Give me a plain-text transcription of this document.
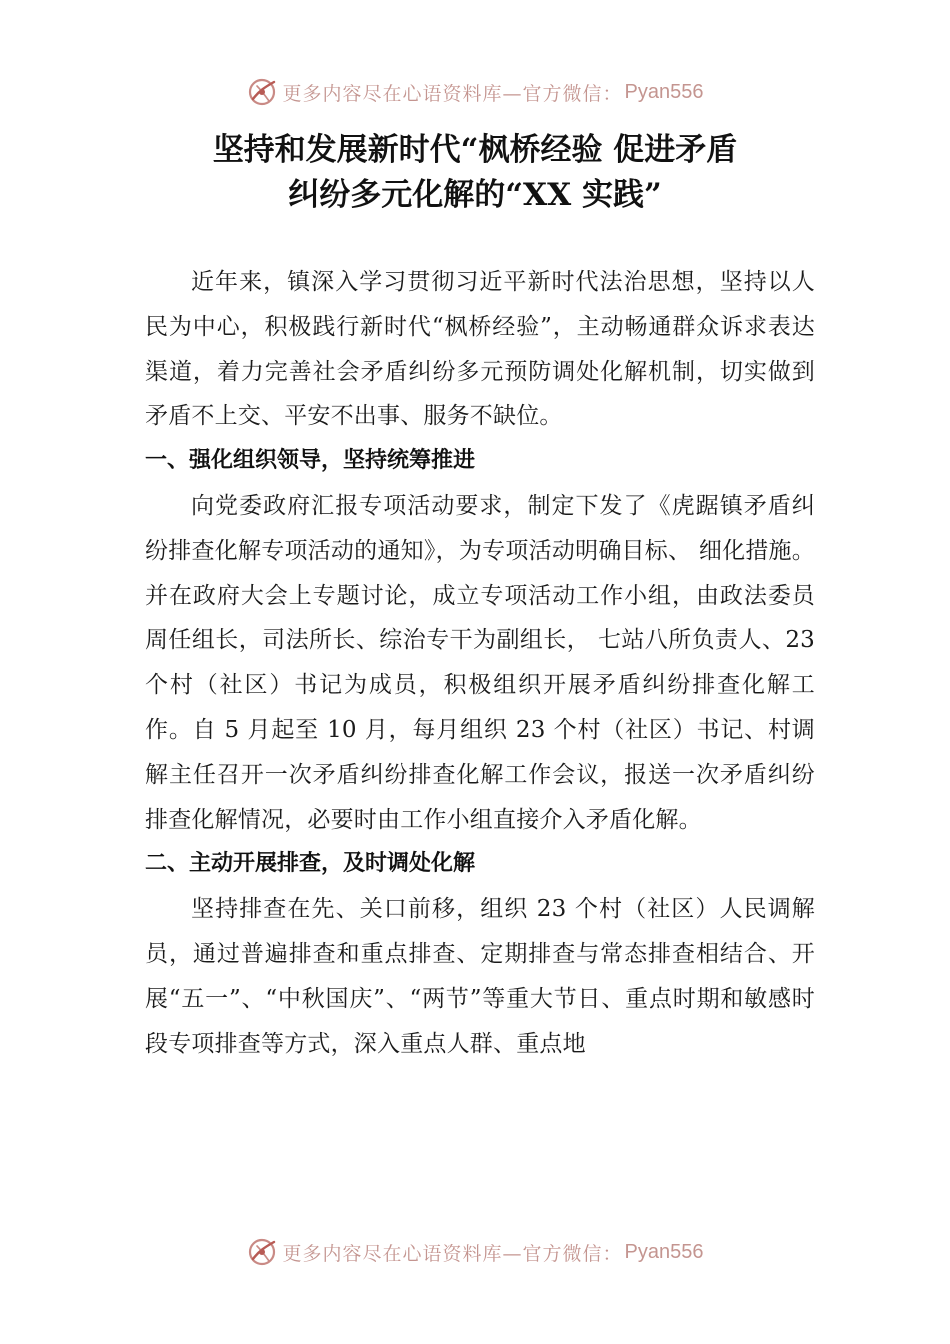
更多内容尽在心语资料库—官方微信： Pyan556
坚持和发展新时代“枫桥经验 促进矛盾
纠纷多元化解的“XX 实践”

近年来，镇深入学习贯彻习近平新时代法治思想，坚持以人民为中心，积极践行新时代“枫桥经验”，主动畅通群众诉求表达渠道，着力完善社会矛盾纠纷多元预防调处化解机制，切实做到矛盾不上交、平安不出事、服务不缺位。

一、强化组织领导，坚持统筹推进

向党委政府汇报专项活动要求，制定下发了《虎踞镇矛盾纠纷排查化解专项活动的通知》，为专项活动明确目标、 细化措施。并在政府大会上专题讨论，成立专项活动工作小组，由政法委员周任组长，司法所长、综治专干为副组长， 七站八所负责人、23 个村（社区）书记为成员，积极组织开展矛盾纠纷排查化解工作。自 5 月起至 10 月，每月组织 23 个村（社区）书记、村调解主任召开一次矛盾纠纷排查化解工作会议，报送一次矛盾纠纷排查化解情况，必要时由工作小组直接介入矛盾化解。

二、主动开展排查，及时调处化解

坚持排查在先、关口前移，组织 23 个村（社区）人民调解员，通过普遍排查和重点排查、定期排查与常态排查相结合、开展“五一”、“中秋国庆”、“两节”等重大节日、重点时期和敏感时段专项排查等方式，深入重点人群、重点地

更多内容尽在心语资料库—官方微信： Pyan556
